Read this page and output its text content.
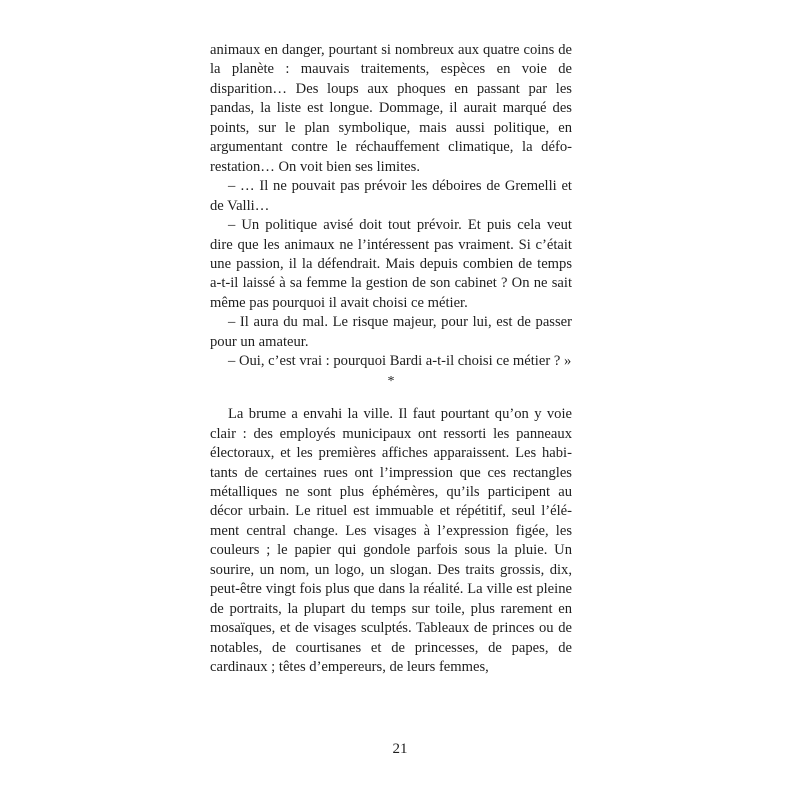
animaux en danger, pourtant si nombreux aux quatre coins de la planète : mauvais traitements, espèces en voie de disparition… Des loups aux phoques en passant par les pandas, la liste est longue. Dommage, il aurait marqué des points, sur le plan symbolique, mais aussi politique, en argumentant contre le réchauffement climatique, la déforestation… On voit bien ses limites.

– … Il ne pouvait pas prévoir les déboires de Gremelli et de Valli…

– Un politique avisé doit tout prévoir. Et puis cela veut dire que les animaux ne l’intéressent pas vraiment. Si c’était une passion, il la défendrait. Mais depuis combien de temps a-t-il laissé à sa femme la gestion de son cabinet ? On ne sait même pas pourquoi il avait choisi ce métier.

– Il aura du mal. Le risque majeur, pour lui, est de passer pour un amateur.

– Oui, c’est vrai : pourquoi Bardi a-t-il choisi ce métier ? »

*

La brume a envahi la ville. Il faut pourtant qu’on y voie clair : des employés municipaux ont ressorti les panneaux électoraux, et les premières affiches apparaissent. Les habitants de certaines rues ont l’impression que ces rectangles métalliques ne sont plus éphémères, qu’ils participent au décor urbain. Le rituel est immuable et répétitif, seul l’élément central change. Les visages à l’expression figée, les couleurs ; le papier qui gondole parfois sous la pluie. Un sourire, un nom, un logo, un slogan. Des traits grossis, dix, peut-être vingt fois plus que dans la réalité. La ville est pleine de portraits, la plupart du temps sur toile, plus rarement en mosaïques, et de visages sculptés. Tableaux de princes ou de notables, de courtisanes et de princesses, de papes, de cardinaux ; têtes d’empereurs, de leurs femmes,

21
